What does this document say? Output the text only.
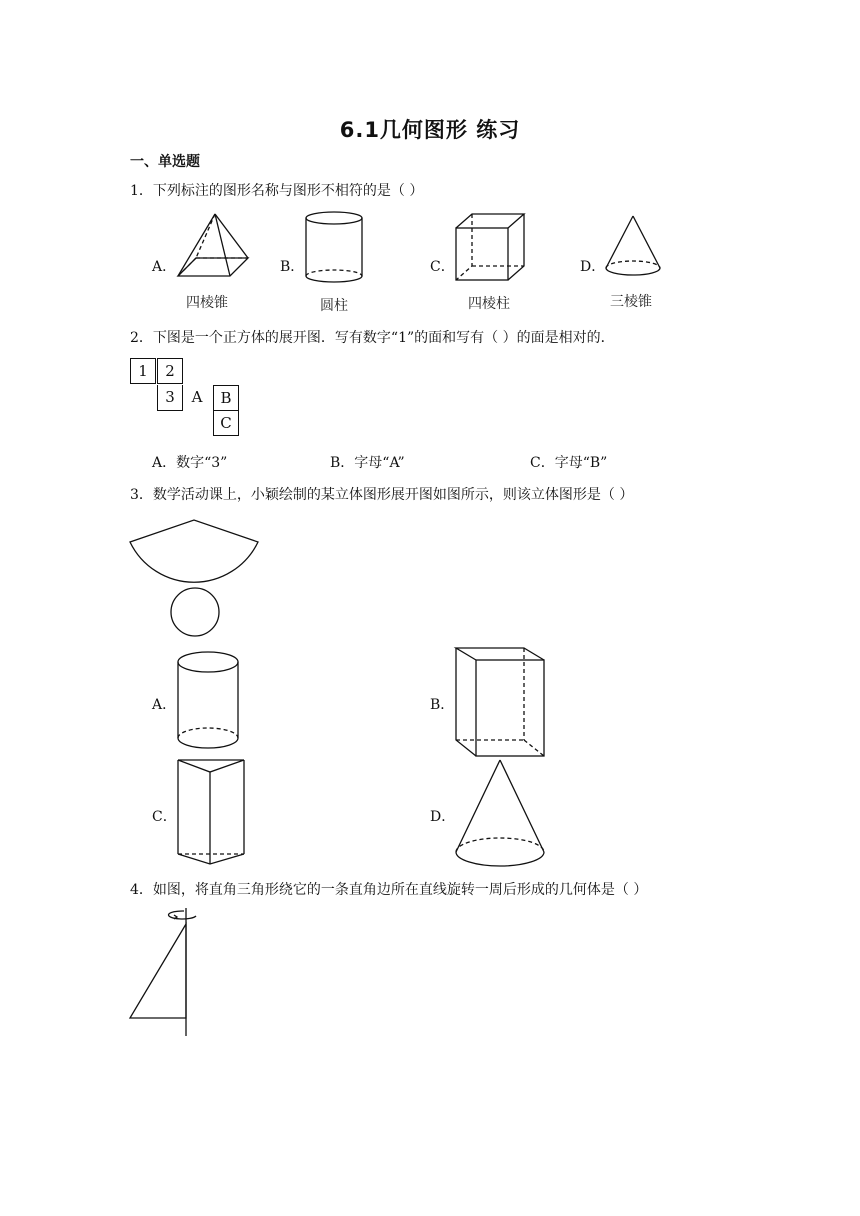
6.1几何图形 练习
一、单选题
1．下列标注的图形名称与图形不相符的是（ ）
A．
四棱锥
B．
圆柱
C．
四棱柱
D．
三棱锥
2．下图是一个正方体的展开图．写有数字“1”的面和写有（ ）的面是相对的．
1	2
3	A	B
C
A．数字“3”	B．字母“A”	C．字母“B”
3．数学活动课上，小颖绘制的某立体图形展开图如图所示，则该立体图形是（ ）
A．	B．
C．	D．
4．如图，将直角三角形绕它的一条直角边所在直线旋转一周后形成的几何体是（ ）
